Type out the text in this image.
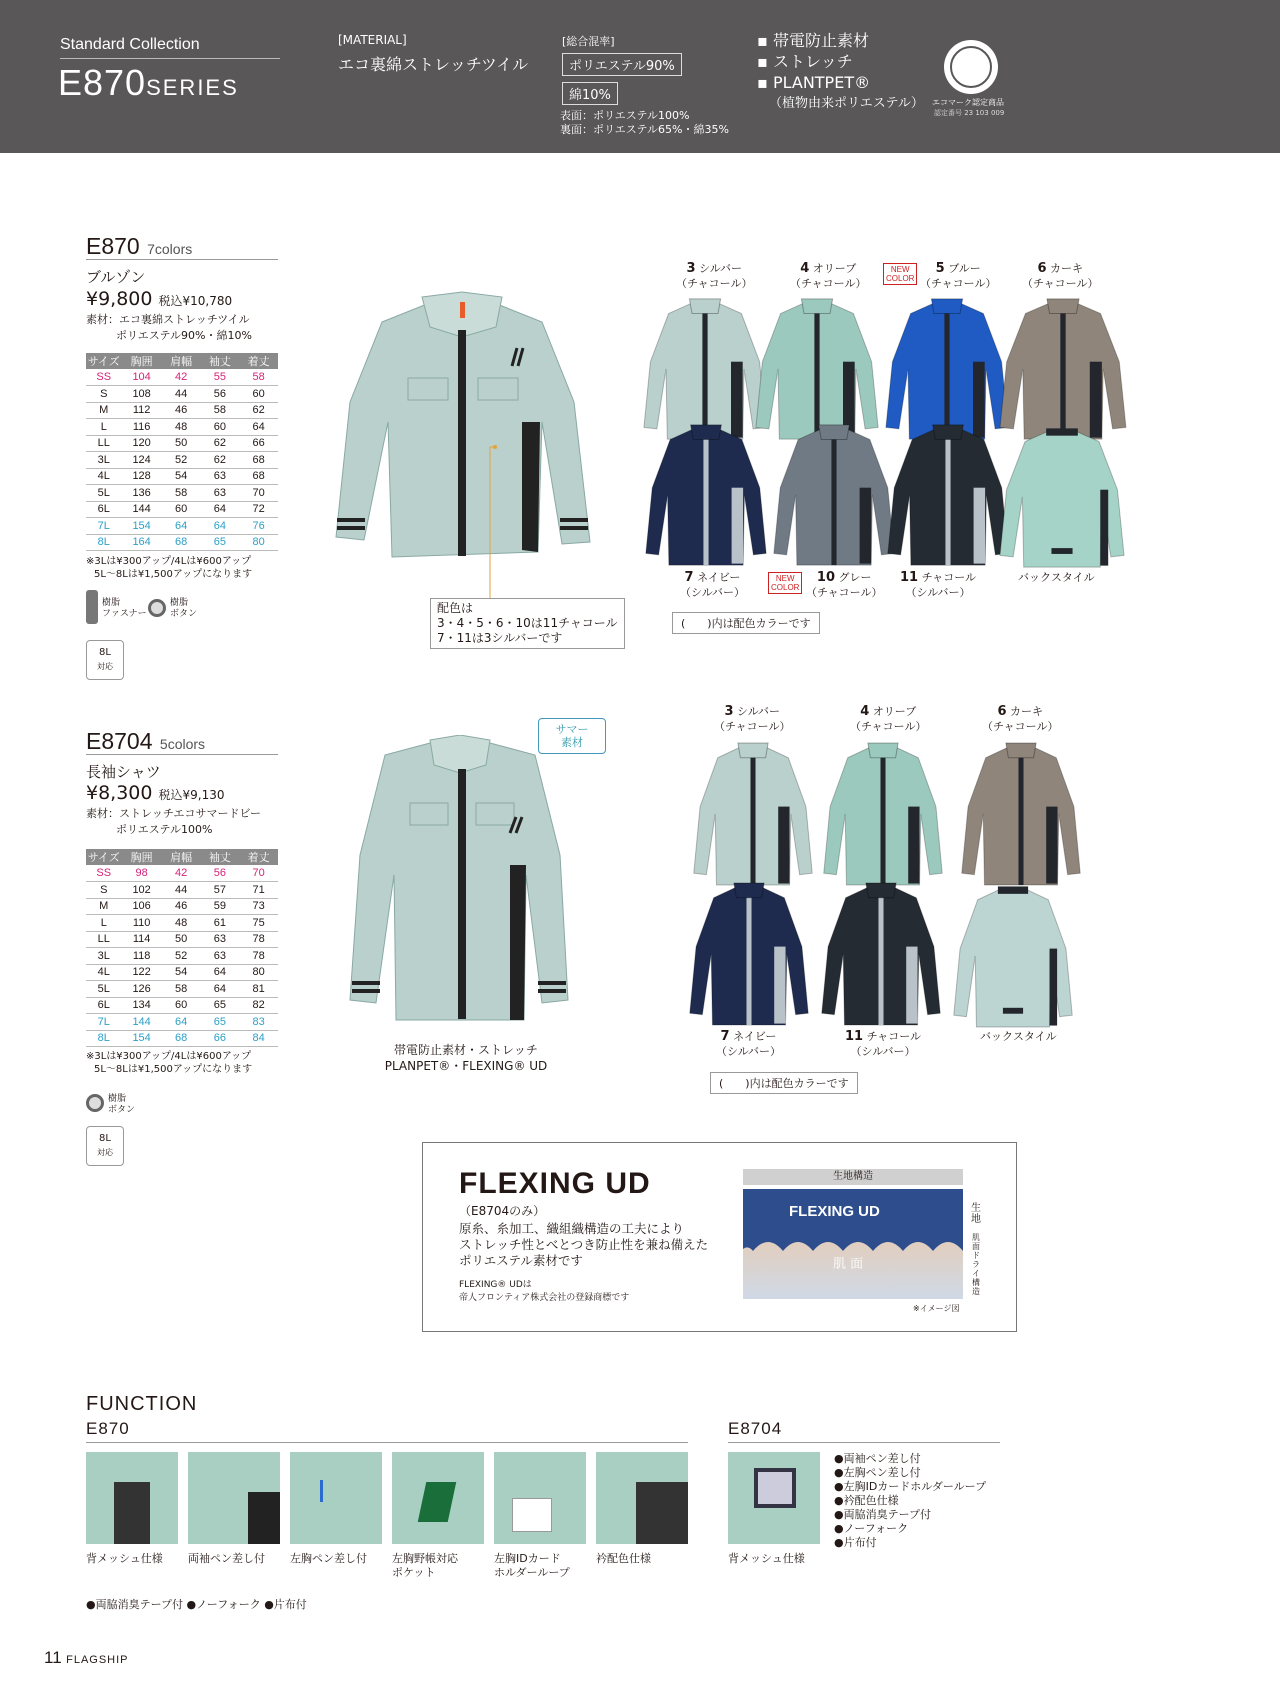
Standard Collection
E870SERIES
[MATERIAL]
エコ裏綿ストレッチツイル
[総合混率]
ポリエステル90%
綿10%
表面：ポリエステル100%
裏面：ポリエステル65%・綿35%
▪ 帯電防止素材
▪ ストレッチ
▪ PLANTPET®
（植物由来ポリエステル） エコマーク認定商品
認定番号 23 103 009
E870 7colors
ブルゾン
¥9,800 税込¥10,780
素材：エコ裏綿ストレッチツイル
ポリエステル90%・綿10%
サイズ	胸囲	肩幅	袖丈	着丈
SS	104	42	55	58
S	108	44	56	60
M	112	46	58	62
L	116	48	60	64
LL	120	50	62	66
3L	124	52	62	68
4L	128	54	63	68
5L	136	58	63	70
6L	144	60	64	72
7L	154	64	64	76
8L	164	68	65	80
※3Lは¥300アップ/4Lは¥600アップ
5L～8Lは¥1,500アップになります
樹脂
ファスナー
樹脂
ボタン
8L
対応
配色は
3・4・5・6・10は11チャコール
7・11は3シルバーです
3 シルバー
（チャコール）
4 オリーブ
（チャコール）
NEW
COLOR
5 ブルー
（チャコール）
6 カーキ
（チャコール）
7 ネイビー
（シルバー）
NEW
COLOR
10 グレー
（チャコール）
11 チャコール
（シルバー）
バックスタイル
(　　)内は配色カラーです
E8704 5colors
長袖シャツ
¥8,300 税込¥9,130
素材：ストレッチエコサマードビー
ポリエステル100%
サイズ	胸囲	肩幅	袖丈	着丈
SS	98	42	56	70
S	102	44	57	71
M	106	46	59	73
L	110	48	61	75
LL	114	50	63	78
3L	118	52	63	78
4L	122	54	64	80
5L	126	58	64	81
6L	134	60	65	82
7L	144	64	65	83
8L	154	68	66	84
※3Lは¥300アップ/4Lは¥600アップ
5L～8Lは¥1,500アップになります
樹脂
ボタン
8L
対応
サマー
素材
帯電防止素材・ストレッチ
PLANPET®・FLEXING® UD
3 シルバー
（チャコール）
4 オリーブ
（チャコール）
6 カーキ
（チャコール）
7 ネイビー
（シルバー）
11 チャコール
（シルバー）
バックスタイル
(　　)内は配色カラーです
FLEXING UD
（E8704のみ）
原糸、糸加工、織組織構造の工夫により
ストレッチ性とべとつき防止性を兼ね備えた
ポリエステル素材です
FLEXING® UDは
帝人フロンティア株式会社の登録商標です
生地構造
FLEXING UD
肌 面
生地
肌面ドライ構造
※イメージ図
FUNCTION
E870	E8704
背メッシュ仕様 両袖ペン差し付 左胸ペン差し付 左胸野帳対応
ポケット
左胸IDカード
ホルダーループ
衿配色仕様	背メッシュ仕様
●両袖ペン差し付
●左胸ペン差し付
●左胸IDカードホルダーループ
●衿配色仕様
●両脇消臭テープ付
●ノーフォーク
●片布付
●両脇消臭テープ付 ●ノーフォーク ●片布付
11 FLAGSHIP
